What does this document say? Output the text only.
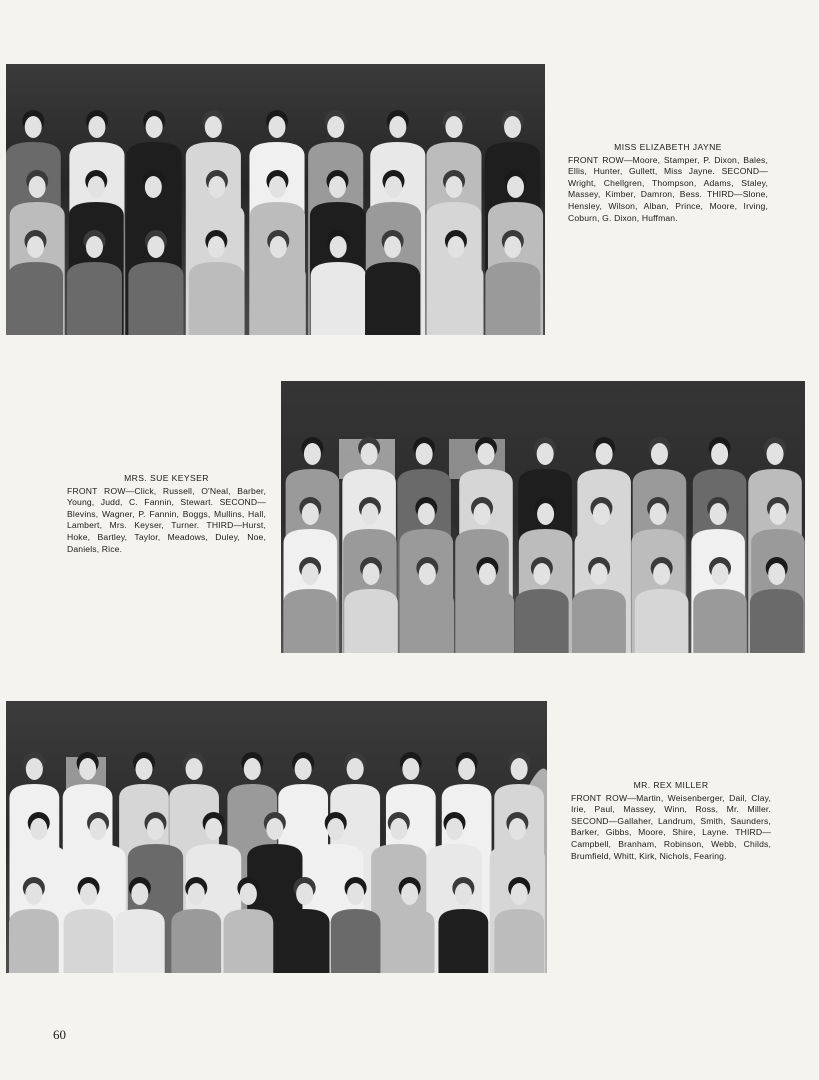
MISS ELIZABETH JAYNE
FRONT ROW—Moore, Stamper, P. Dixon, Bales, Ellis, Hunter, Gullett, Miss Jayne. SECOND—Wright, Chellgren, Thompson, Adams, Staley, Massey, Kimber, Damron, Bess. THIRD—Slone, Hensley, Wilson, Alban, Prince, Moore, Irving, Coburn, G. Dixon, Huffman.
MRS. SUE KEYSER
FRONT ROW—Click, Russell, O'Neal, Barber, Young, Judd, C. Fannin, Stewart. SECOND—Blevins, Wagner, P. Fannin, Boggs, Mullins, Hall, Lambert, Mrs. Keyser, Turner. THIRD—Hurst, Hoke, Bartley, Taylor, Meadows, Duley, Noe, Daniels, Rice.
MR. REX MILLER
FRONT ROW—Martin, Weisenberger, Dail, Clay, Irie, Paul, Massey, Winn, Ross, Mr. Miller. SECOND—Gallaher, Landrum, Smith, Saunders, Barker, Gibbs, Moore, Shire, Layne. THIRD—Campbell, Branham, Robinson, Webb, Childs, Brumfield, Whitt, Kirk, Nichols, Fearing.
60
